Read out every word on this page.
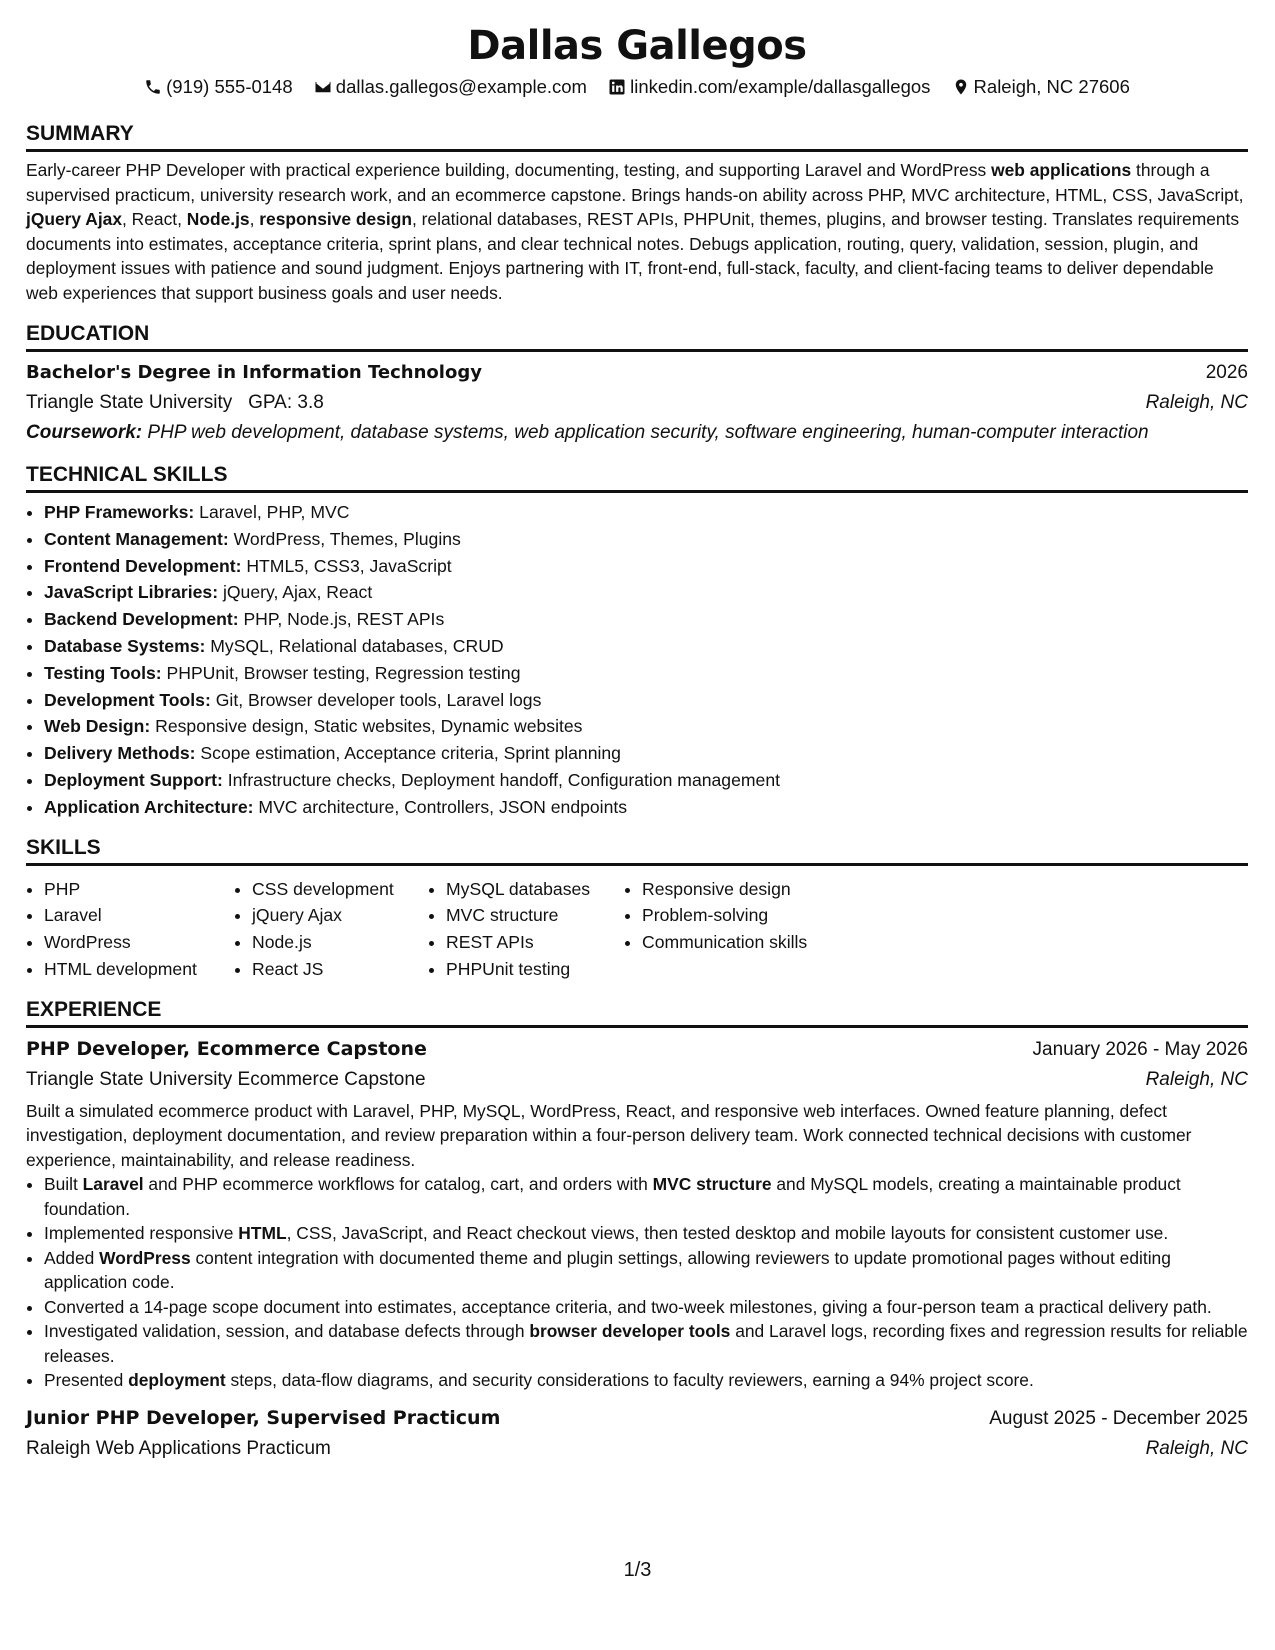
Dallas Gallegos
(919) 555-0148
dallas.gallegos@example.com
linkedin.com/example/dallasgallegos
Raleigh, NC 27606
SUMMARY

Early-career PHP Developer with practical experience building, documenting, testing, and supporting Laravel and WordPress web applications through a supervised practicum, university research work, and an ecommerce capstone. Brings hands-on ability across PHP, MVC architecture, HTML, CSS, JavaScript, jQuery Ajax, React, Node.js, responsive design, relational databases, REST APIs, PHPUnit, themes, plugins, and browser testing. Translates requirements documents into estimates, acceptance criteria, sprint plans, and clear technical notes. Debugs application, routing, query, validation, session, plugin, and deployment issues with patience and sound judgment. Enjoys partnering with IT, front-end, full-stack, faculty, and client-facing teams to deliver dependable web experiences that support business goals and user needs.

EDUCATION
Bachelor's Degree in Information Technology	2026
Triangle State University GPA: 3.8	Raleigh, NC
Coursework: PHP web development, database systems, web application security, software engineering, human-computer interaction
TECHNICAL SKILLS
• PHP Frameworks: Laravel, PHP, MVC
• Content Management: WordPress, Themes, Plugins
• Frontend Development: HTML5, CSS3, JavaScript
• JavaScript Libraries: jQuery, Ajax, React
• Backend Development: PHP, Node.js, REST APIs
• Database Systems: MySQL, Relational databases, CRUD
• Testing Tools: PHPUnit, Browser testing, Regression testing
• Development Tools: Git, Browser developer tools, Laravel logs
• Web Design: Responsive design, Static websites, Dynamic websites
• Delivery Methods: Scope estimation, Acceptance criteria, Sprint planning
• Deployment Support: Infrastructure checks, Deployment handoff, Configuration management
• Application Architecture: MVC architecture, Controllers, JSON endpoints
SKILLS
• PHP
• Laravel
• WordPress
• HTML development
• CSS development
• jQuery Ajax
• Node.js
• React JS
• MySQL databases
• MVC structure
• REST APIs
• PHPUnit testing
• Responsive design
• Problem-solving
• Communication skills
EXPERIENCE
PHP Developer, Ecommerce Capstone	January 2026 - May 2026
Triangle State University Ecommerce Capstone	Raleigh, NC

Built a simulated ecommerce product with Laravel, PHP, MySQL, WordPress, React, and responsive web interfaces. Owned feature planning, defect investigation, deployment documentation, and review preparation within a four-person delivery team. Work connected technical decisions with customer experience, maintainability, and release readiness.

• Built Laravel and PHP ecommerce workflows for catalog, cart, and orders with MVC structure and MySQL models, creating a maintainable product foundation.
• Implemented responsive HTML, CSS, JavaScript, and React checkout views, then tested desktop and mobile layouts for consistent customer use.
• Added WordPress content integration with documented theme and plugin settings, allowing reviewers to update promotional pages without editing application code.
• Converted a 14-page scope document into estimates, acceptance criteria, and two-week milestones, giving a four-person team a practical delivery path.
• Investigated validation, session, and database defects through browser developer tools and Laravel logs, recording fixes and regression results for reliable releases.
• Presented deployment steps, data-flow diagrams, and security considerations to faculty reviewers, earning a 94% project score.
Junior PHP Developer, Supervised Practicum	August 2025 - December 2025
Raleigh Web Applications Practicum	Raleigh, NC
1/3
